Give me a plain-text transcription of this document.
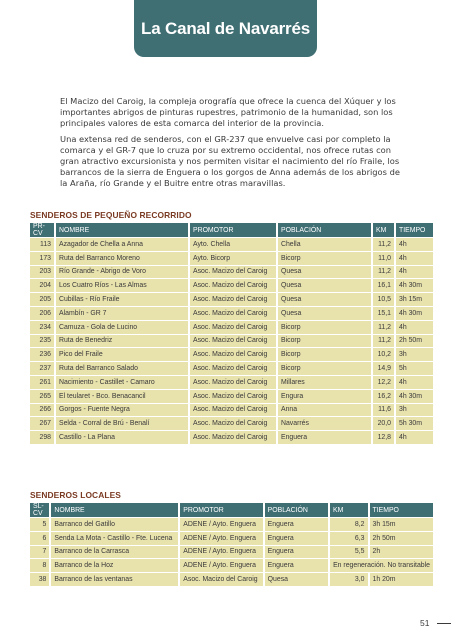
La Canal de Navarrés

El Macizo del Caroig, la compleja orografía que ofrece la cuenca del Xúquer y los importantes abrigos de pinturas rupestres, patrimonio de la humanidad, son los principales valores de esta comarca del interior de la provincia.

Una extensa red de senderos, con el GR-237 que envuelve casi por completo la comarca y el GR-7 que lo cruza por su extremo occidental, nos ofrece rutas con gran atractivo excursionista y nos permiten visitar el nacimiento del río Fraile, los barrancos de la sierra de Enguera o los gorgos de Anna además de los abrigos de la Araña, río Grande y el Buitre entre otras maravillas.

SENDEROS DE PEQUEÑO RECORRIDO
PR-CV	NOMBRE	PROMOTOR	POBLACIÓN	KM	TIEMPO
113	Azagador de Chella a Anna	Ayto. Chella	Chella	11,2	4h
173	Ruta del Barranco Moreno	Ayto. Bicorp	Bicorp	11,0	4h
203	Río Grande - Abrigo de Voro	Asoc. Macizo del Caroig	Quesa	11,2	4h
204	Los Cuatro Ríos - Las Almas	Asoc. Macizo del Caroig	Quesa	16,1	4h 30m
205	Cubillas - Río Fraile	Asoc. Macizo del Caroig	Quesa	10,5	3h 15m
206	Alambín - GR 7	Asoc. Macizo del Caroig	Quesa	15,1	4h 30m
234	Camuza - Gola de Lucino	Asoc. Macizo del Caroig	Bicorp	11,2	4h
235	Ruta de Benedriz	Asoc. Macizo del Caroig	Bicorp	11,2	2h 50m
236	Pico del Fraile	Asoc. Macizo del Caroig	Bicorp	10,2	3h
237	Ruta del Barranco Salado	Asoc. Macizo del Caroig	Bicorp	14,9	5h
261	Nacimiento - Castillet - Camaro	Asoc. Macizo del Caroig	Millares	12,2	4h
265	El teularet - Bco. Benacancil	Asoc. Macizo del Caroig	Engura	16,2	4h 30m
266	Gorgos - Fuente Negra	Asoc. Macizo del Caroig	Anna	11,6	3h
267	Selda - Corral de Brú - Benalí	Asoc. Macizo del Caroig	Navarrés	20,0	5h 30m
298	Castillo - La Plana	Asoc. Macizo del Caroig	Enguera	12,8	4h
SENDEROS LOCALES
SL-CV	NOMBRE	PROMOTOR	POBLACIÓN	KM	TIEMPO
5	Barranco del Gatillo	ADENE / Ayto. Enguera	Enguera	8,2	3h 15m
6	Senda La Mota - Castillo - Fte. Lucena	ADENE / Ayto. Enguera	Enguera	6,3	2h 50m
7	Barranco de la Carrasca	ADENE / Ayto. Enguera	Enguera	5,5	2h
8	Barranco de la Hoz	ADENE / Ayto. Enguera	Enguera	En regeneración. No transitable	
38	Barranco de las ventanas	Asoc. Macizo del Caroig	Quesa	3,0	1h 20m
51
